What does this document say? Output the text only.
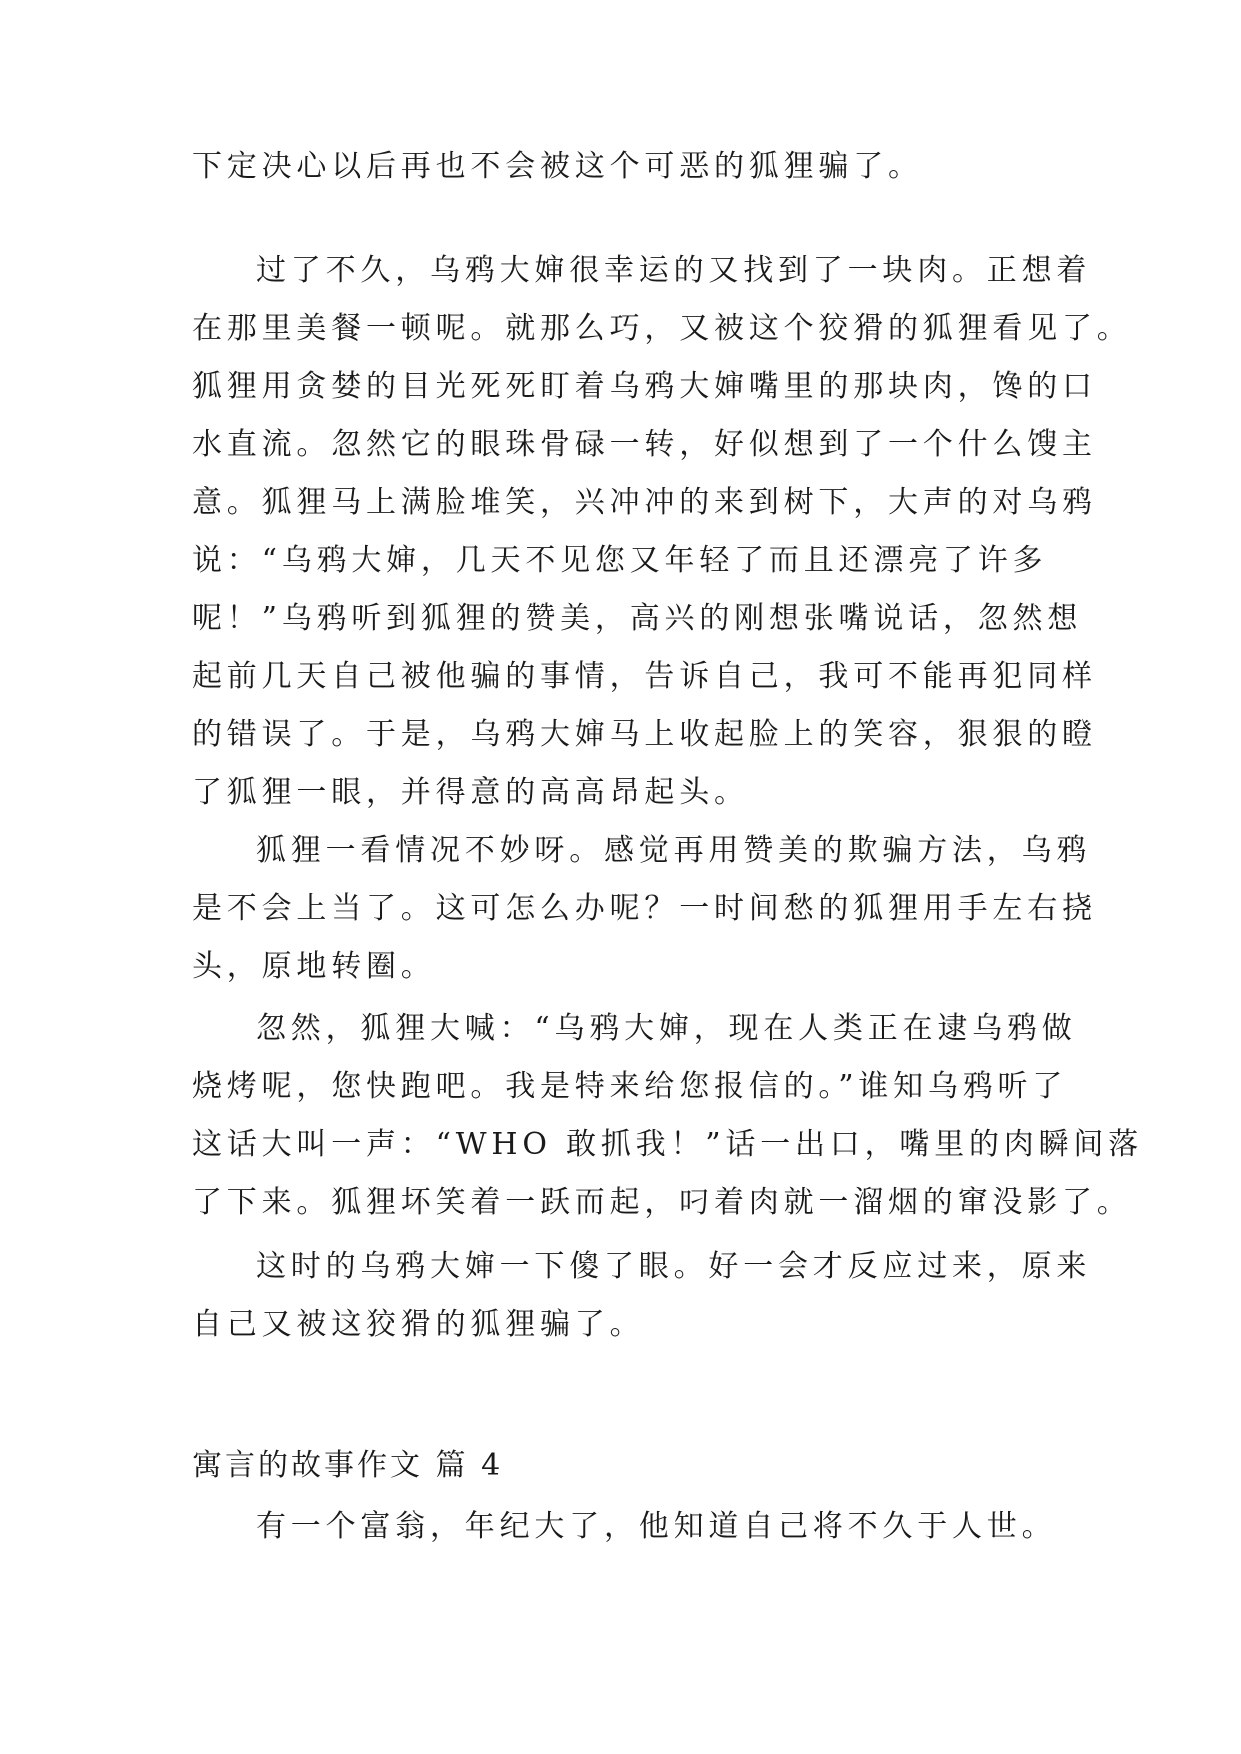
下定决心以后再也不会被这个可恶的狐狸骗了。

过了不久，乌鸦大婶很幸运的又找到了一块肉。正想着
在那里美餐一顿呢。就那么巧，又被这个狡猾的狐狸看见了。
狐狸用贪婪的目光死死盯着乌鸦大婶嘴里的那块肉，馋的口
水直流。忽然它的眼珠骨碌一转，好似想到了一个什么馊主
意。狐狸马上满脸堆笑，兴冲冲的来到树下，大声的对乌鸦
说：“乌鸦大婶，几天不见您又年轻了而且还漂亮了许多
呢！”乌鸦听到狐狸的赞美，高兴的刚想张嘴说话，忽然想
起前几天自己被他骗的事情，告诉自己，我可不能再犯同样
的错误了。于是，乌鸦大婶马上收起脸上的笑容，狠狠的瞪
了狐狸一眼，并得意的高高昂起头。

狐狸一看情况不妙呀。感觉再用赞美的欺骗方法，乌鸦
是不会上当了。这可怎么办呢？一时间愁的狐狸用手左右挠
头，原地转圈。

忽然，狐狸大喊：“乌鸦大婶，现在人类正在逮乌鸦做
烧烤呢，您快跑吧。我是特来给您报信的。”谁知乌鸦听了
这话大叫一声：“WHO 敢抓我！”话一出口，嘴里的肉瞬间落
了下来。狐狸坏笑着一跃而起，叼着肉就一溜烟的窜没影了。

这时的乌鸦大婶一下傻了眼。好一会才反应过来，原来
自己又被这狡猾的狐狸骗了。

寓言的故事作文 篇 4

有一个富翁，年纪大了，他知道自己将不久于人世。
